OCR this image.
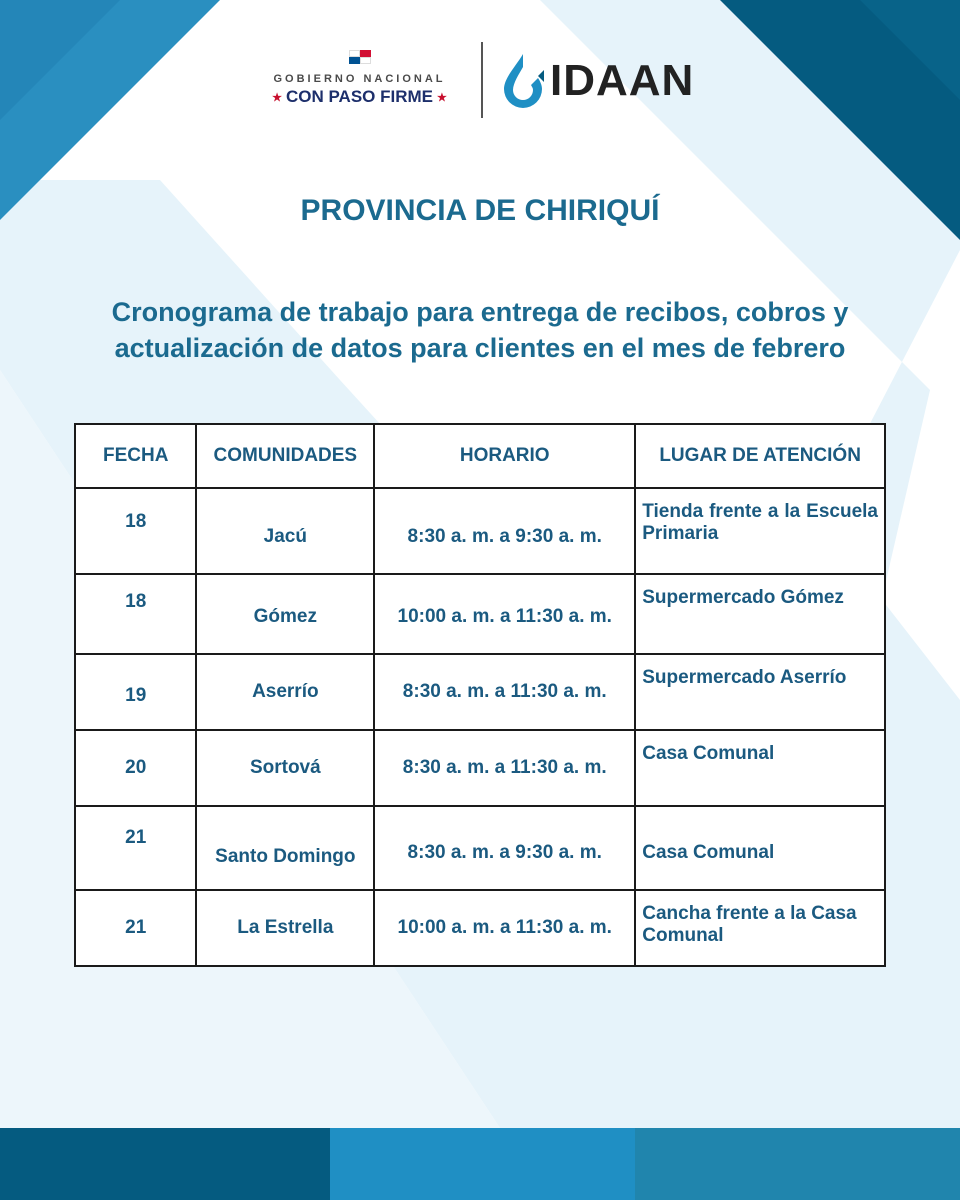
GOBIERNO NACIONAL
★ CON PASO FIRME ★	IDAAN
PROVINCIA DE CHIRIQUÍ
Cronograma de trabajo para entrega de recibos, cobros y
actualización de datos para clientes en el mes de febrero
FECHA	COMUNIDADES	HORARIO	LUGAR DE ATENCIÓN
18	Jacú	8:30 a. m. a 9:30 a. m.	Tienda frente a la Escuela Primaria
18	Gómez	10:00 a. m. a 11:30 a. m.	Supermercado Gómez
19	Aserrío	8:30 a. m. a 11:30 a. m.	Supermercado Aserrío
20	Sortová	8:30 a. m. a 11:30 a. m.	Casa Comunal
21	Santo Domingo	8:30 a. m. a 9:30 a. m.	Casa Comunal
21	La Estrella	10:00 a. m. a 11:30 a. m.	Cancha frente a la Casa Comunal
